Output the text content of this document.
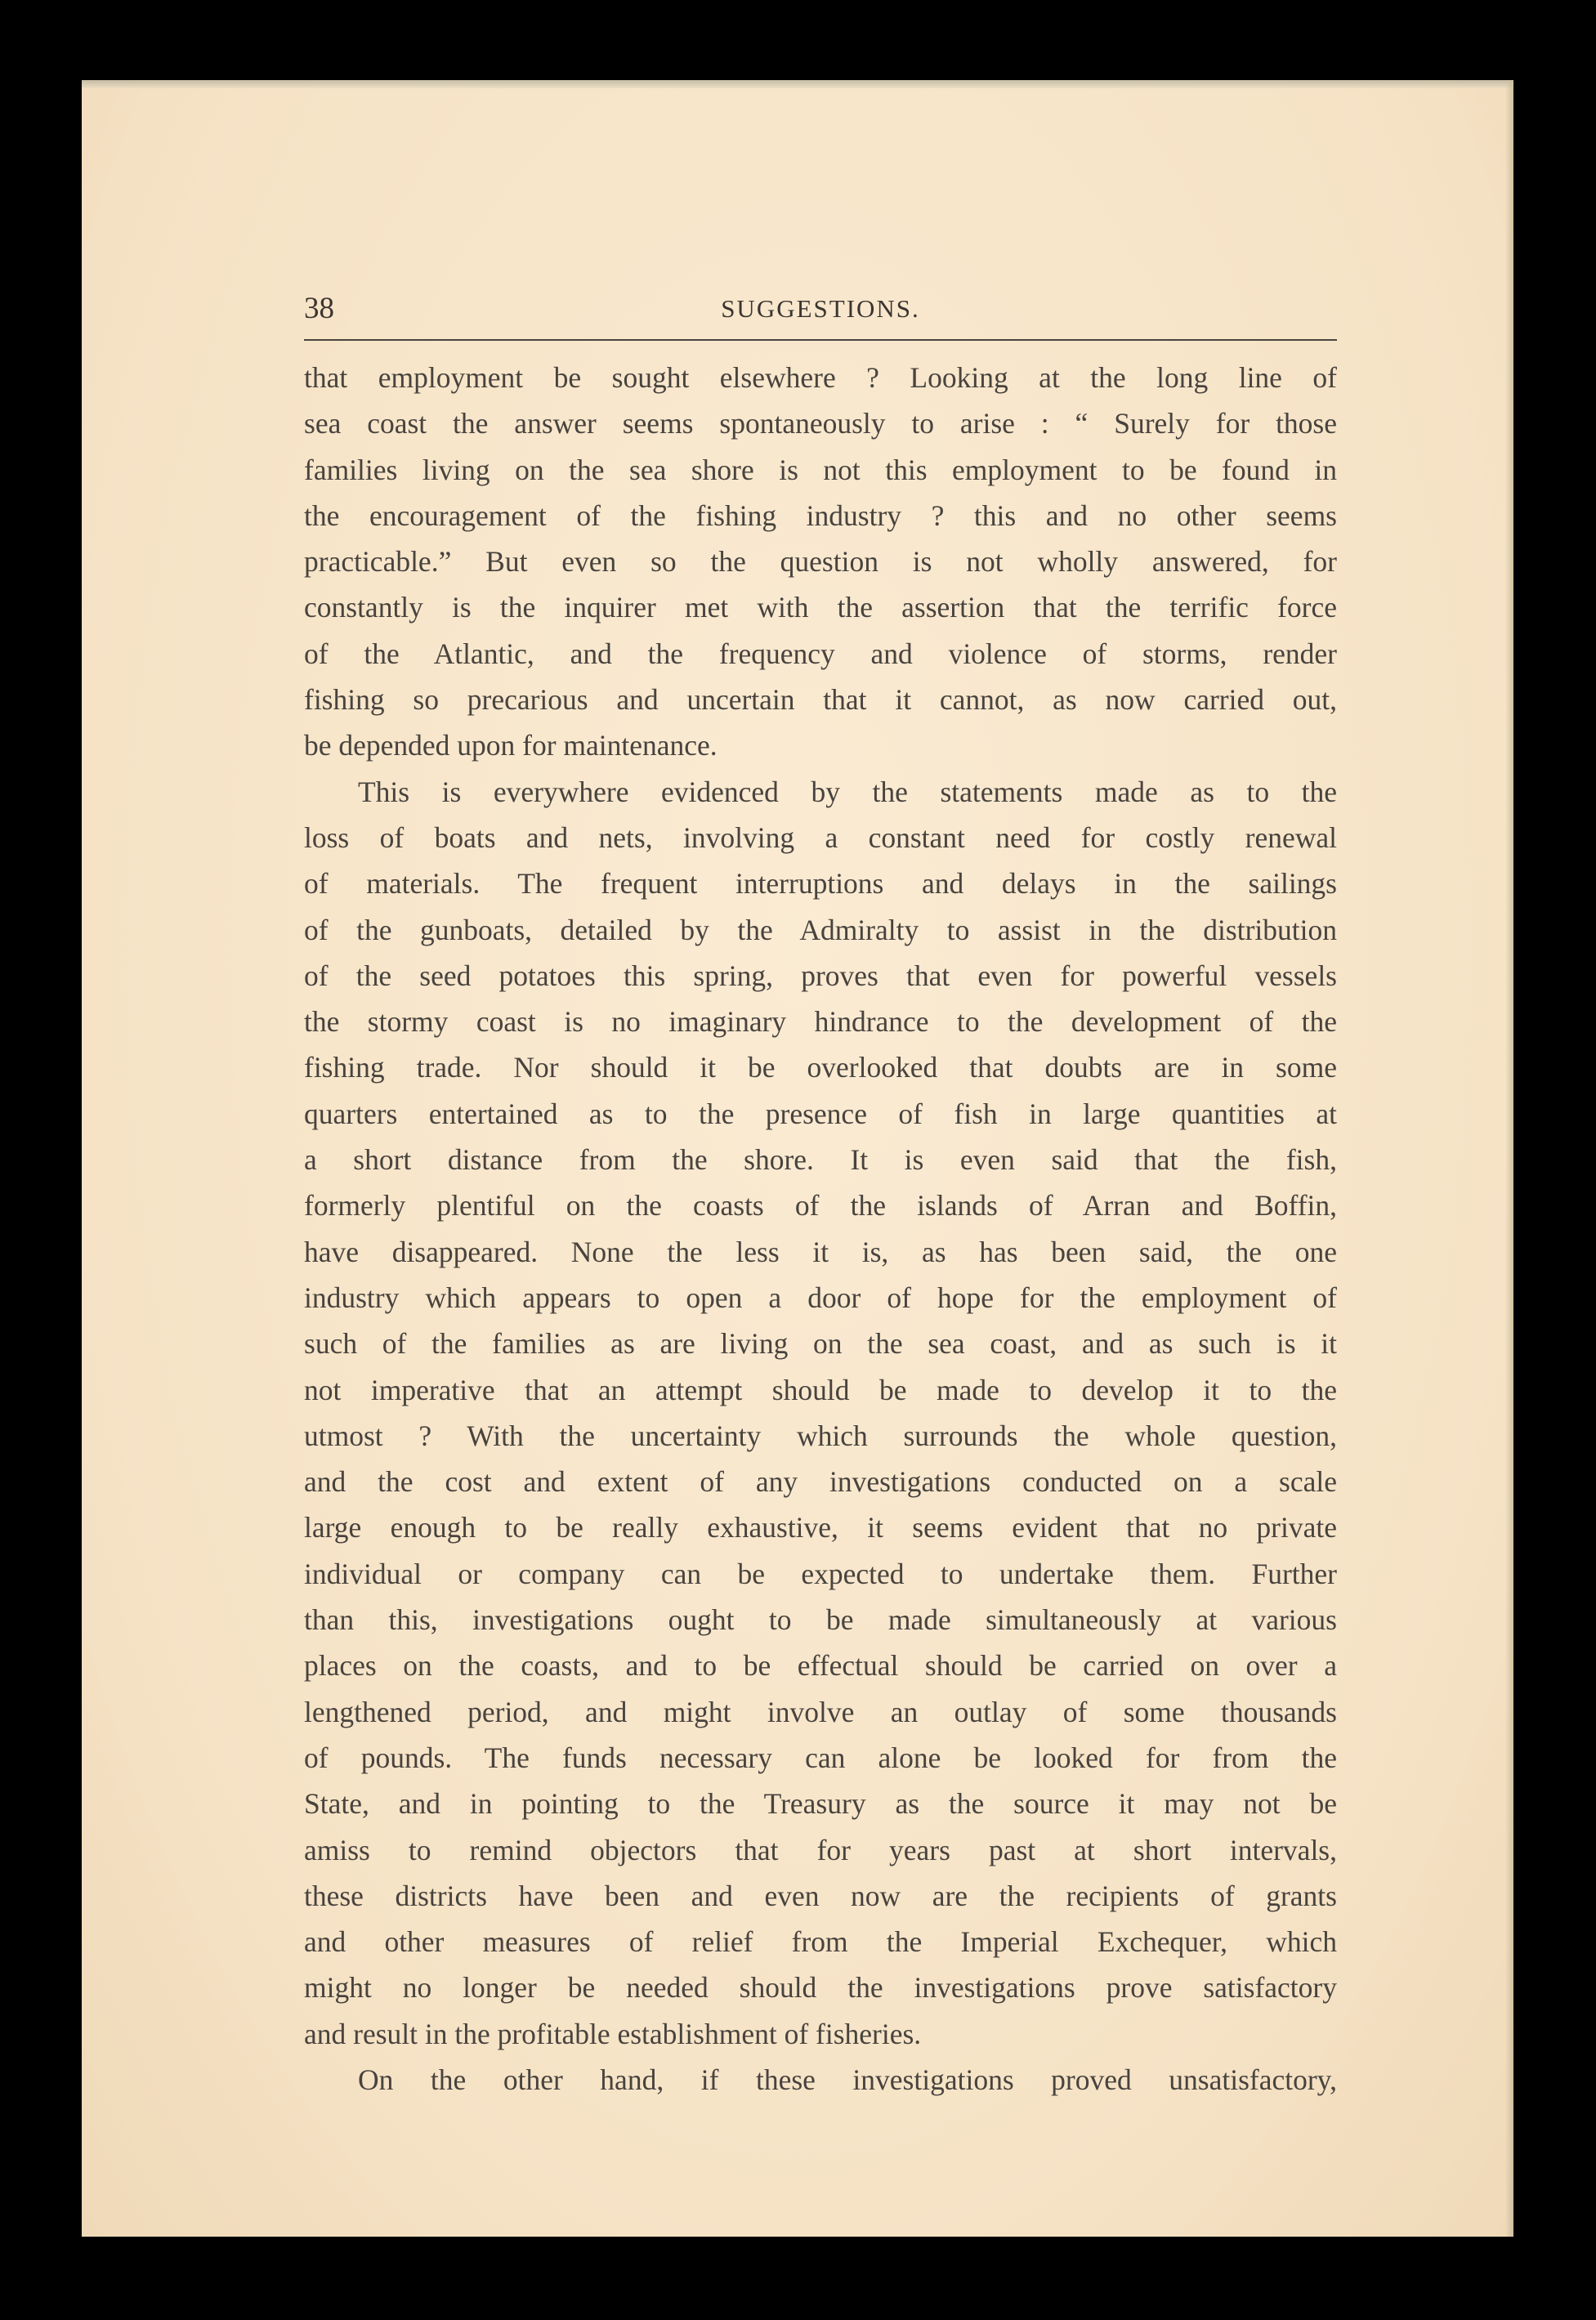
38	SUGGESTIONS.
that employment be sought elsewhere ? Looking at the long line of
sea coast the answer seems spontaneously to arise : “ Surely for those
families living on the sea shore is not this employment to be found in
the encouragement of the fishing industry ? this and no other seems
practicable.” But even so the question is not wholly answered, for
constantly is the inquirer met with the assertion that the terrific force
of the Atlantic, and the frequency and violence of storms, render
fishing so precarious and uncertain that it cannot, as now carried out,
be depended upon for maintenance.
This is everywhere evidenced by the statements made as to the
loss of boats and nets, involving a constant need for costly renewal
of materials. The frequent interruptions and delays in the sailings
of the gunboats, detailed by the Admiralty to assist in the distribution
of the seed potatoes this spring, proves that even for powerful vessels
the stormy coast is no imaginary hindrance to the development of the
fishing trade. Nor should it be overlooked that doubts are in some
quarters entertained as to the presence of fish in large quantities at
a short distance from the shore. It is even said that the fish,
formerly plentiful on the coasts of the islands of Arran and Boffin,
have disappeared. None the less it is, as has been said, the one
industry which appears to open a door of hope for the employment of
such of the families as are living on the sea coast, and as such is it
not imperative that an attempt should be made to develop it to the
utmost ? With the uncertainty which surrounds the whole question,
and the cost and extent of any investigations conducted on a scale
large enough to be really exhaustive, it seems evident that no private
individual or company can be expected to undertake them. Further
than this, investigations ought to be made simultaneously at various
places on the coasts, and to be effectual should be carried on over a
lengthened period, and might involve an outlay of some thousands
of pounds. The funds necessary can alone be looked for from the
State, and in pointing to the Treasury as the source it may not be
amiss to remind objectors that for years past at short intervals,
these districts have been and even now are the recipients of grants
and other measures of relief from the Imperial Exchequer, which
might no longer be needed should the investigations prove satisfactory
and result in the profitable establishment of fisheries.
On the other hand, if these investigations proved unsatisfactory,
